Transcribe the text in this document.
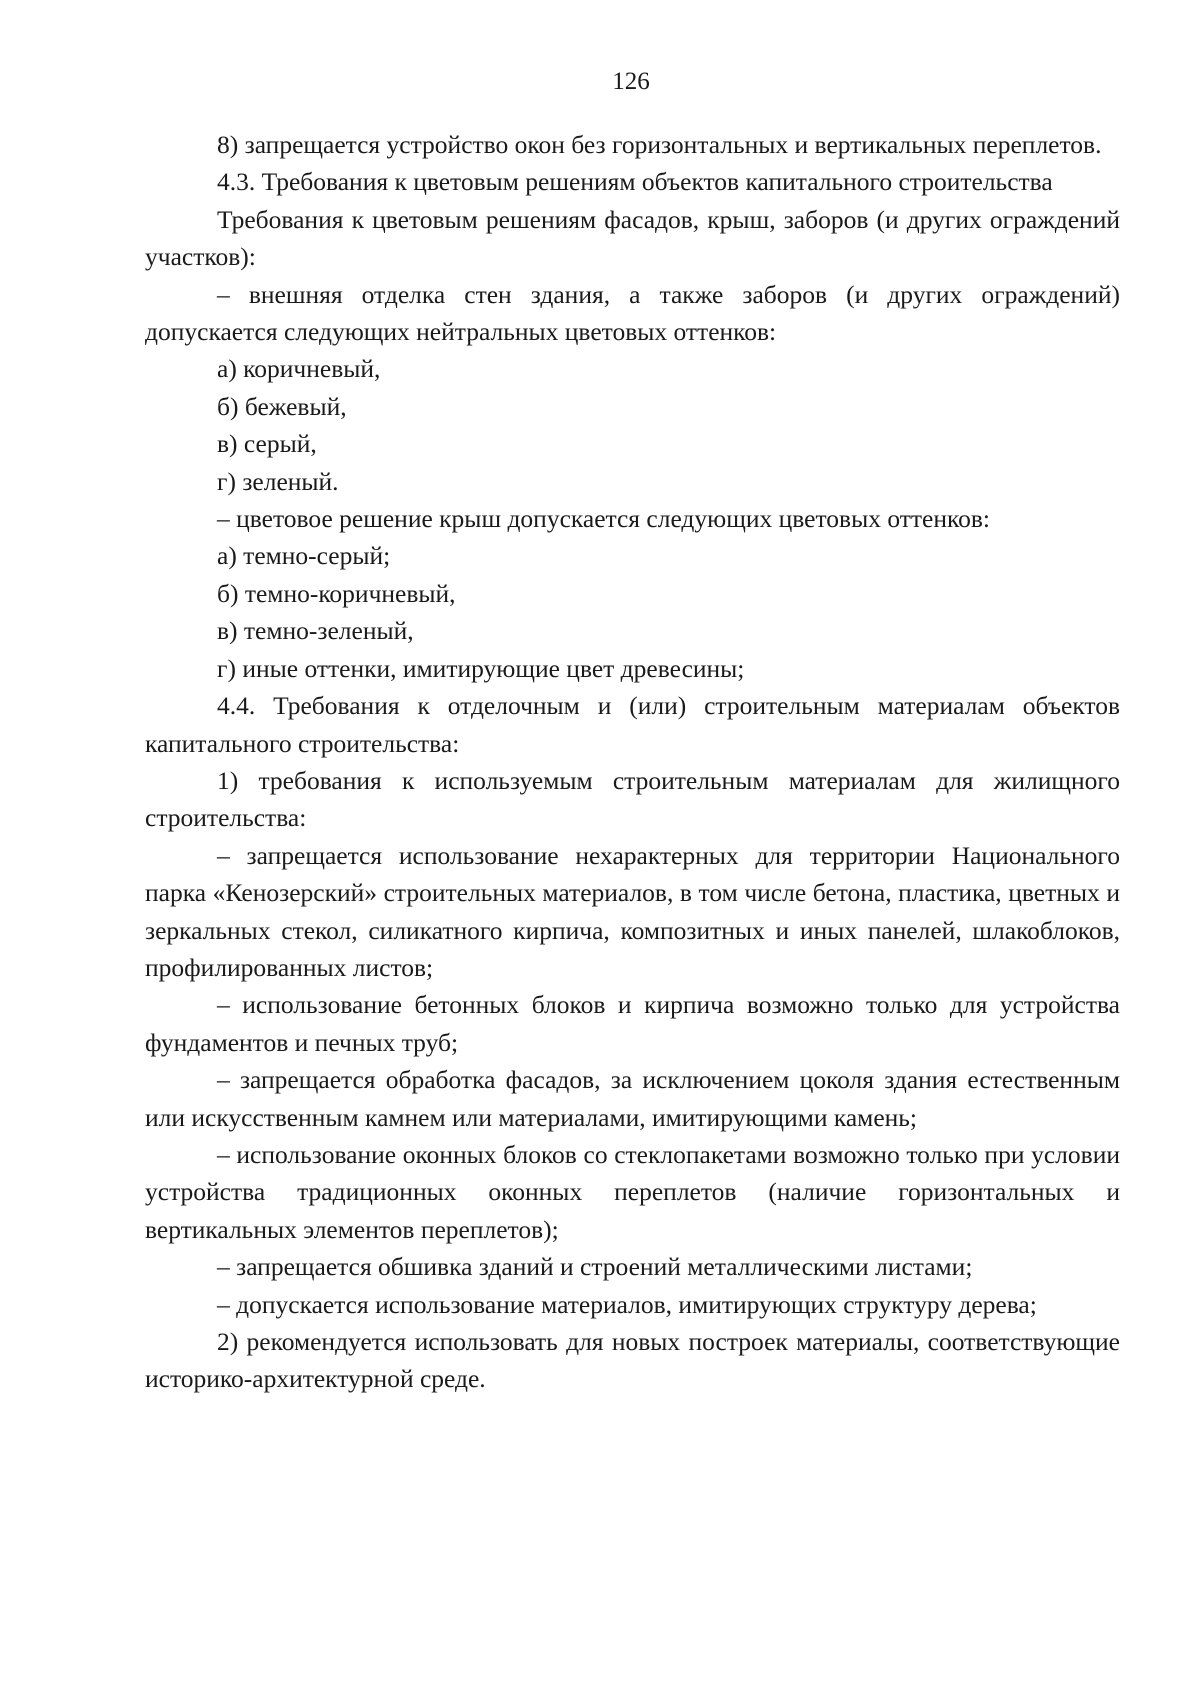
126

8) запрещается устройство окон без горизонтальных и вертикальных переплетов.

4.3. Требования к цветовым решениям объектов капитального строительства

Требования к цветовым решениям фасадов, крыш, заборов (и других ограждений участков):

– внешняя отделка стен здания, а также заборов (и других ограждений) допускается следующих нейтральных цветовых оттенков:

а) коричневый,

б) бежевый,

в) серый,

г) зеленый.

– цветовое решение крыш допускается следующих цветовых оттенков:

а) темно-серый;

б) темно-коричневый,

в) темно-зеленый,

г) иные оттенки, имитирующие цвет древесины;

4.4. Требования к отделочным и (или) строительным материалам объектов капитального строительства:

1) требования к используемым строительным материалам для жилищного строительства:

– запрещается использование нехарактерных для территории Национального парка «Кенозерский» строительных материалов, в том числе бетона, пластика, цветных и зеркальных стекол, силикатного кирпича, композитных и иных панелей, шлакоблоков, профилированных листов;

– использование бетонных блоков и кирпича возможно только для устройства фундаментов и печных труб;

– запрещается обработка фасадов, за исключением цоколя здания естественным или искусственным камнем или материалами, имитирующими камень;

– использование оконных блоков со стеклопакетами возможно только при условии устройства традиционных оконных переплетов (наличие горизонтальных и вертикальных элементов переплетов);

– запрещается обшивка зданий и строений металлическими листами;

– допускается использование материалов, имитирующих структуру дерева;

2) рекомендуется использовать для новых построек материалы, соответствующие историко-архитектурной среде.
